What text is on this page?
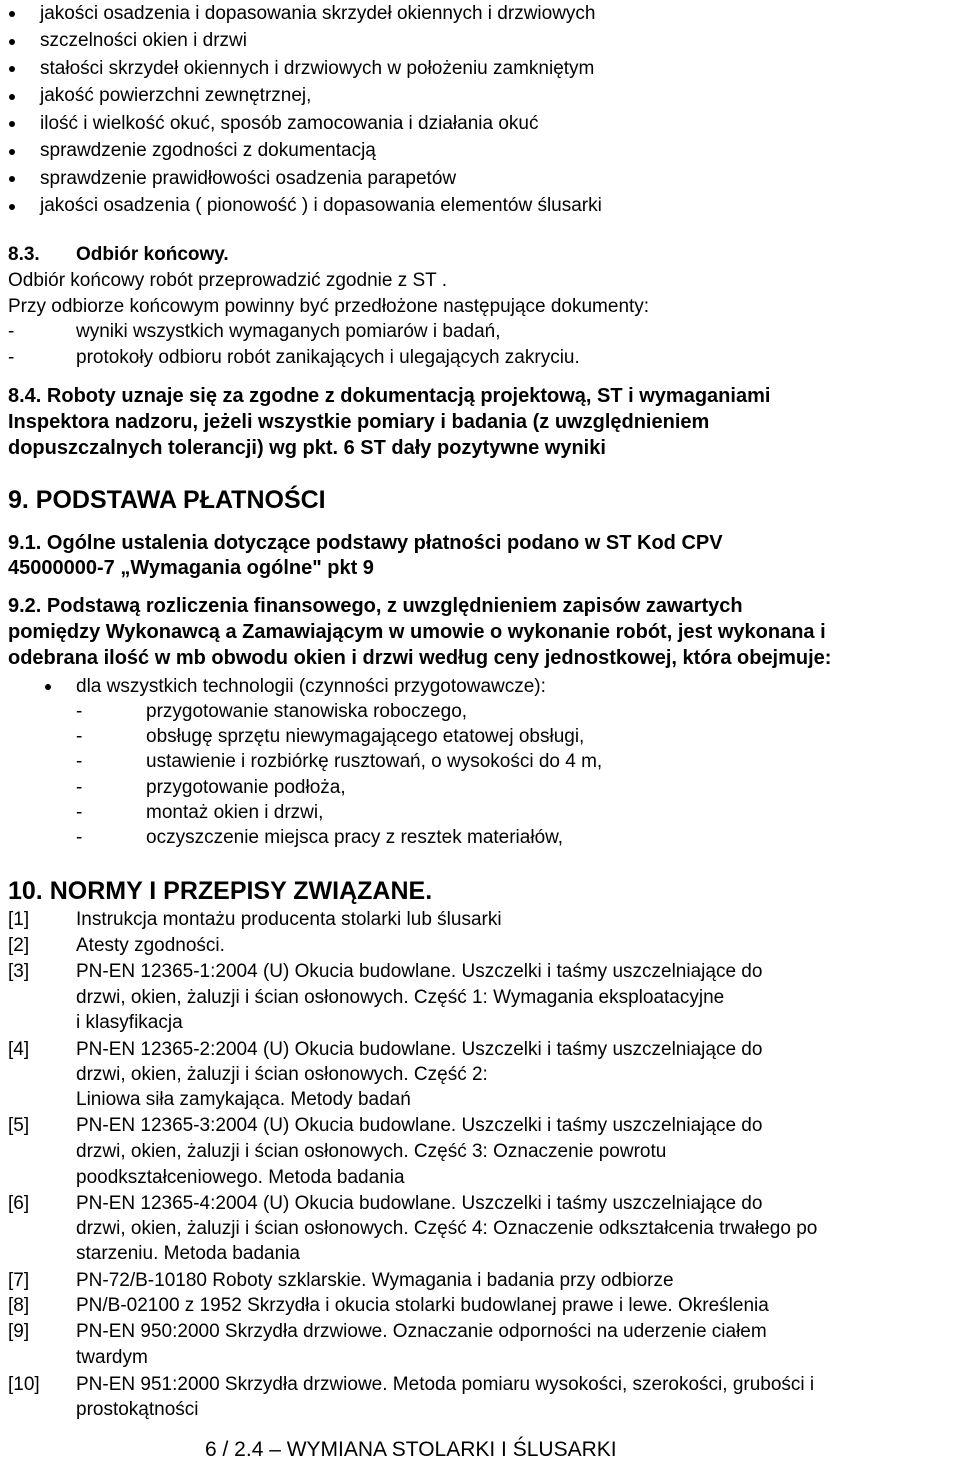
jakości osadzenia i dopasowania skrzydeł okiennych i drzwiowych
szczelności okien i drzwi
stałości skrzydeł okiennych i drzwiowych w położeniu zamkniętym
jakość powierzchni zewnętrznej,
ilość i wielkość okuć, sposób zamocowania i działania okuć
sprawdzenie zgodności z dokumentacją
sprawdzenie prawidłowości osadzenia parapetów
jakości osadzenia ( pionowość ) i dopasowania elementów ślusarki
8.3. Odbiór końcowy.
Odbiór końcowy robót przeprowadzić zgodnie z ST .
Przy odbiorze końcowym powinny być przedłożone następujące dokumenty:
-	wyniki wszystkich wymaganych pomiarów i badań,
-	protokoły odbioru robót zanikających i ulegających zakryciu.
8.4. Roboty uznaje się za zgodne z dokumentacją projektową, ST i wymaganiami
Inspektora nadzoru, jeżeli wszystkie pomiary i badania (z uwzględnieniem
dopuszczalnych tolerancji) wg pkt. 6 ST dały pozytywne wyniki
9. PODSTAWA PŁATNOŚCI
9.1. Ogólne ustalenia dotyczące podstawy płatności podano w ST Kod CPV
45000000-7 „Wymagania ogólne" pkt 9
9.2. Podstawą rozliczenia finansowego, z uwzględnieniem zapisów zawartych
pomiędzy Wykonawcą a Zamawiającym w umowie o wykonanie robót, jest wykonana i
odebrana ilość w mb obwodu okien i drzwi według ceny jednostkowej, która obejmuje:
dla wszystkich technologii (czynności przygotowawcze):
-	przygotowanie stanowiska roboczego,
-	obsługę sprzętu niewymagającego etatowej obsługi,
-	ustawienie i rozbiórkę rusztowań, o wysokości do 4 m,
-	przygotowanie podłoża,
-	montaż okien i drzwi,
-	oczyszczenie miejsca pracy z resztek materiałów,
10. NORMY I PRZEPISY ZWIĄZANE.
[1] Instrukcja montażu producenta stolarki lub ślusarki
[2] Atesty zgodności.
[3] PN-EN 12365-1:2004 (U) Okucia budowlane. Uszczelki i taśmy uszczelniające do
drzwi, okien, żaluzji i ścian osłonowych. Część 1: Wymagania eksploatacyjne
i klasyfikacja
[4] PN-EN 12365-2:2004 (U) Okucia budowlane. Uszczelki i taśmy uszczelniające do
drzwi, okien, żaluzji i ścian osłonowych. Część 2:
Liniowa siła zamykająca. Metody badań
[5] PN-EN 12365-3:2004 (U) Okucia budowlane. Uszczelki i taśmy uszczelniające do
drzwi, okien, żaluzji i ścian osłonowych. Część 3: Oznaczenie powrotu
poodkształceniowego. Metoda badania
[6] PN-EN 12365-4:2004 (U) Okucia budowlane. Uszczelki i taśmy uszczelniające do
drzwi, okien, żaluzji i ścian osłonowych. Część 4: Oznaczenie odkształcenia trwałego po
starzeniu. Metoda badania
[7] PN-72/B-10180 Roboty szklarskie. Wymagania i badania przy odbiorze
[8] PN/B-02100 z 1952 Skrzydła i okucia stolarki budowlanej prawe i lewe. Określenia
[9] PN-EN 950:2000 Skrzydła drzwiowe. Oznaczanie odporności na uderzenie ciałem
twardym
[10] PN-EN 951:2000 Skrzydła drzwiowe. Metoda pomiaru wysokości, szerokości, grubości i
prostokątności
6 / 2.4 – WYMIANA STOLARKI I ŚLUSARKI
